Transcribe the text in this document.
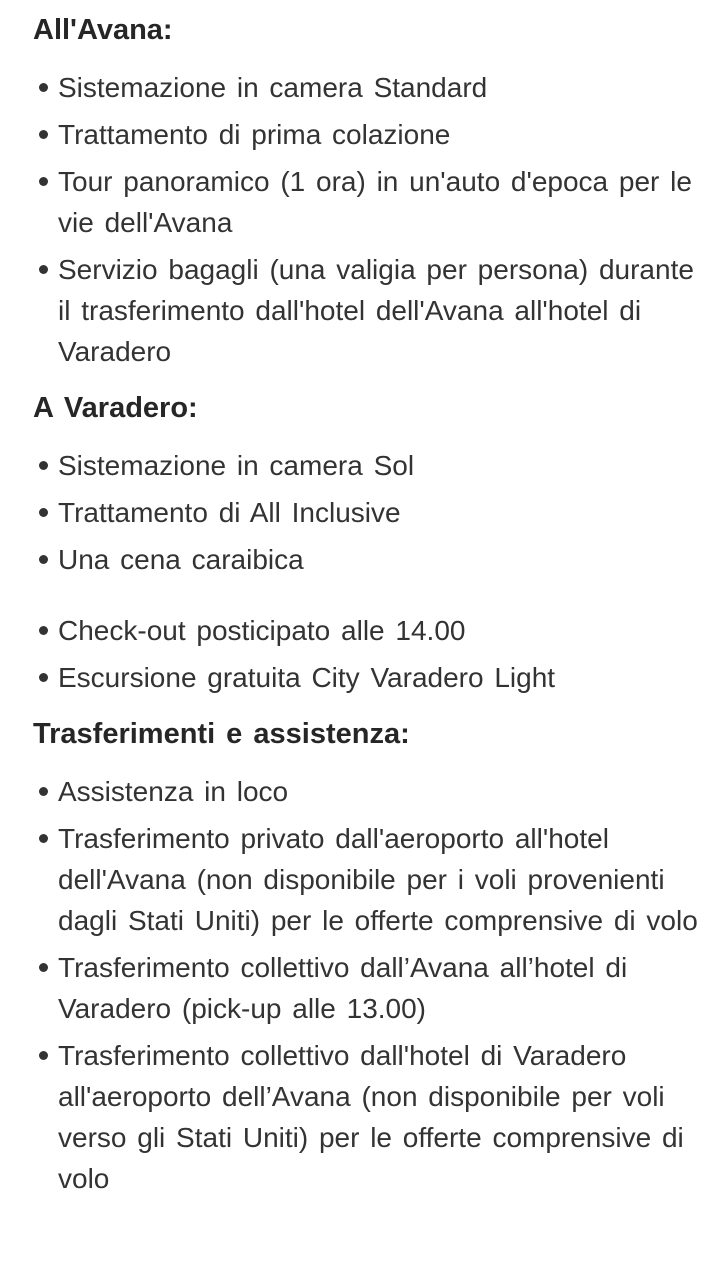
All'Avana:
Sistemazione in camera Standard
Trattamento di prima colazione
Tour panoramico (1 ora) in un'auto d'epoca per le vie dell'Avana
Servizio bagagli (una valigia per persona) durante il trasferimento dall'hotel dell'Avana all'hotel di Varadero
A Varadero:
Sistemazione in camera Sol
Trattamento di All Inclusive
Una cena caraibica
Check-out posticipato alle 14.00
Escursione gratuita City Varadero Light
Trasferimenti e assistenza:
Assistenza in loco
Trasferimento privato dall'aeroporto all'hotel dell'Avana (non disponibile per i voli provenienti dagli Stati Uniti) per le offerte comprensive di volo
Trasferimento collettivo dall’Avana all’hotel di Varadero (pick-up alle 13.00)
Trasferimento collettivo dall'hotel di Varadero all'aeroporto dell’Avana (non disponibile per voli verso gli Stati Uniti) per le offerte comprensive di volo
